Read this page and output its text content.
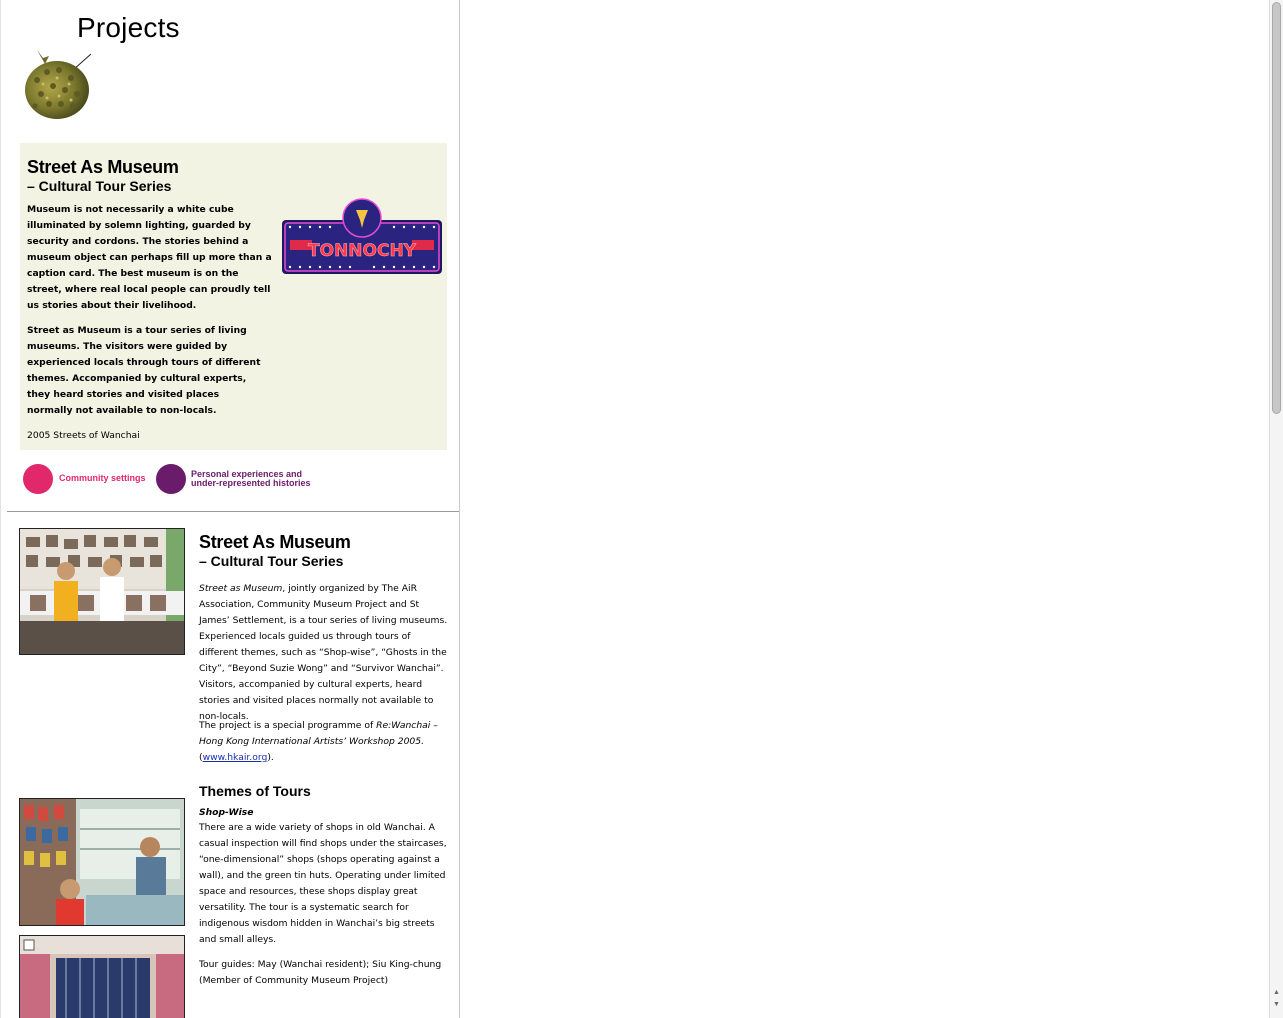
Projects
Street As Museum
– Cultural Tour Series

Museum is not necessarily a white cube illuminated by solemn lighting, guarded by security and cordons. The stories behind a museum object can perhaps fill up more than a caption card. The best museum is on the street, where real local people can proudly tell us stories about their livelihood.

Street as Museum is a tour series of living museums. The visitors were guided by experienced locals through tours of different themes. Accompanied by cultural experts, they heard stories and visited places normally not available to non-locals.

2005 Streets of Wanchai

TONNOCHY
Community settings	Personal experiences and
under-represented histories
Street As Museum
– Cultural Tour Series

Street as Museum, jointly organized by The AiR Association, Community Museum Project and St James’ Settlement, is a tour series of living museums. Experienced locals guided us through tours of different themes, such as “Shop-wise”, “Ghosts in the City”, “Beyond Suzie Wong” and “Survivor Wanchai”. Visitors, accompanied by cultural experts, heard stories and visited places normally not available to non-locals.

The project is a special programme of Re:Wanchai – Hong Kong International Artists’ Workshop 2005. (www.hkair.org).

Themes of Tours

Shop-Wise

There are a wide variety of shops in old Wanchai. A casual inspection will find shops under the staircases, “one-dimensional” shops (shops operating against a wall), and the green tin huts. Operating under limited space and resources, these shops display great versatility. The tour is a systematic search for indigenous wisdom hidden in Wanchai’s big streets and small alleys.

Tour guides: May (Wanchai resident); Siu King-chung (Member of Community Museum Project)

▲
▼
